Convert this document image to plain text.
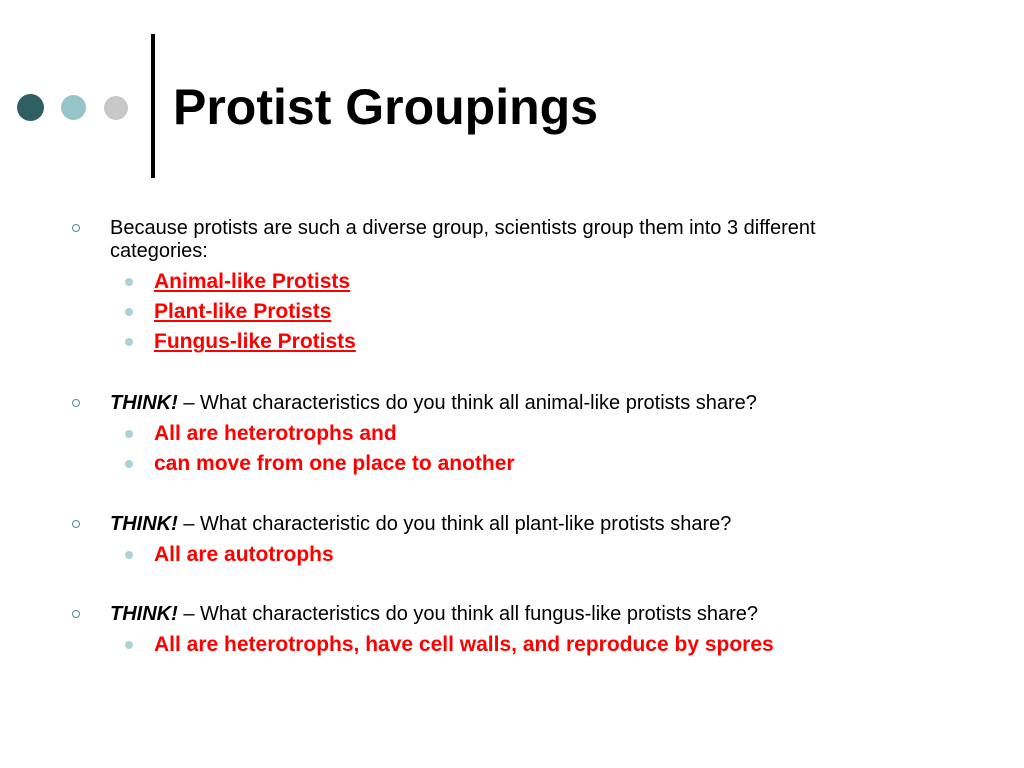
Protist Groupings
Because protists are such a diverse group, scientists group them into 3 different categories:
Animal-like Protists
Plant-like Protists
Fungus-like Protists
THINK! – What characteristics do you think all animal-like protists share?
All are heterotrophs and
can move from one place to another
THINK! – What characteristic do you think all plant-like protists share?
All are autotrophs
THINK! – What characteristics do you think all fungus-like protists share?
All are heterotrophs, have cell walls, and reproduce by spores
